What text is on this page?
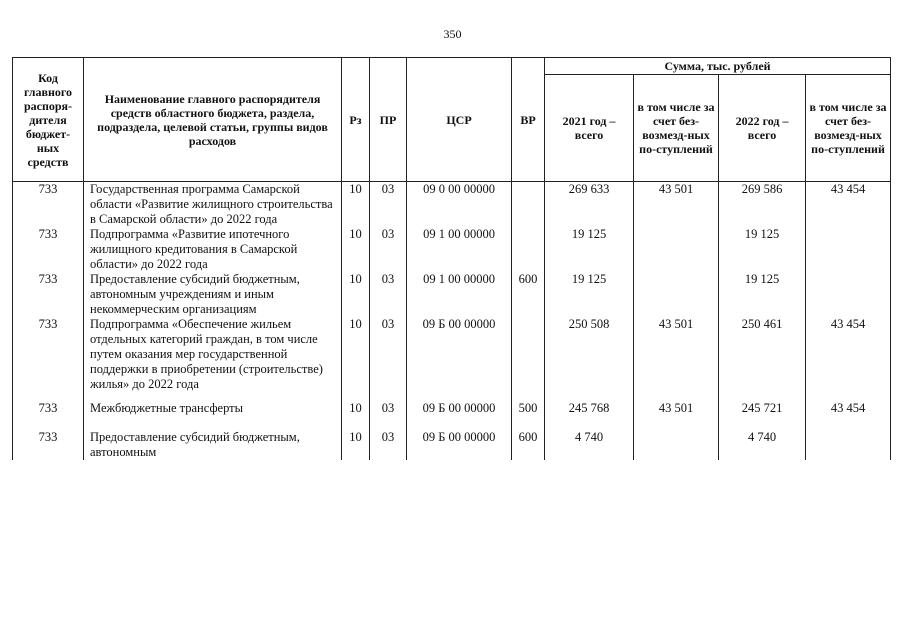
350
Код главного распоря-дителя бюджет-ных средств	Наименование главного распорядителя средств областного бюджета, раздела, подраздела, целевой статьи, группы видов расходов	Рз	ПР	ЦСР	ВР	Сумма, тыс. рублей			
						2021 год – всего	в том числе за счет без-возмезд-ных по-ступлений	2022 год – всего	в том числе за счет без-возмезд-ных по-ступлений
733	Государственная программа Самарской области «Развитие жилищного строительства в Самарской области» до 2022 года	10	03	09 0 00 00000		269 633	43 501	269 586	43 454
733	Подпрограмма «Развитие ипотечного жилищного кредитования в Самарской области» до 2022 года	10	03	09 1 00 00000		19 125		19 125	
733	Предоставление субсидий бюджетным, автономным учреждениям и иным некоммерческим организациям	10	03	09 1 00 00000	600	19 125		19 125	
733	Подпрограмма «Обеспечение жильем отдельных категорий граждан, в том числе путем оказания мер государственной поддержки в приобретении (строительстве) жилья» до 2022 года	10	03	09 Б 00 00000		250 508	43 501	250 461	43 454

733	Межбюджетные трансферты	10	03	09 Б 00 00000	500	245 768	43 501	245 721	43 454

733	Предоставление субсидий бюджетным, автономным	10	03	09 Б 00 00000	600	4 740		4 740	
